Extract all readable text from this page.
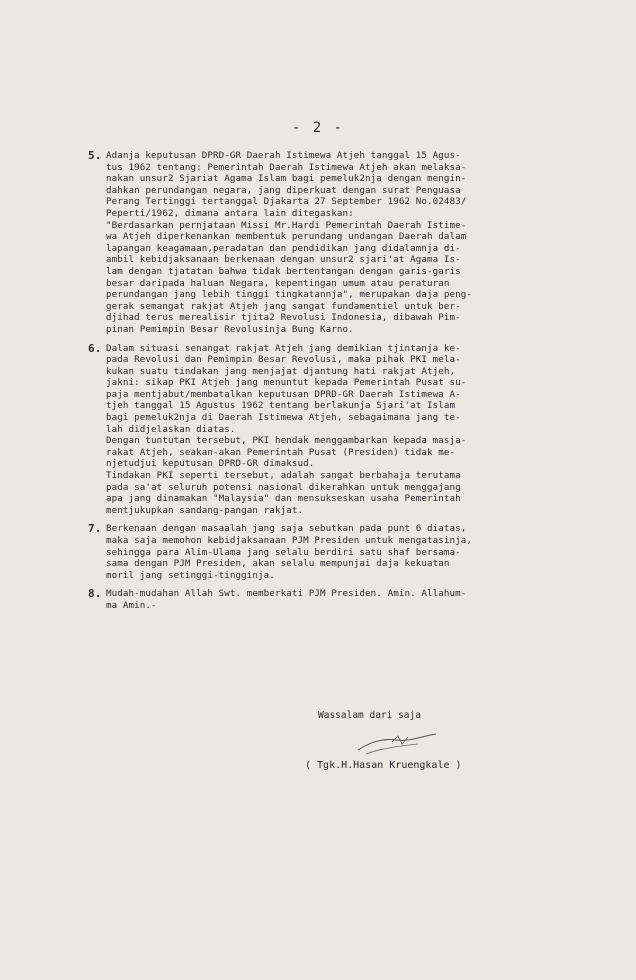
- 2 -
5. Adanja keputusan DPRD-GR Daerah Istimewa Atjeh tanggal 15 Agus-
tus 1962 tentang: Pemerintah Daerah Istimewa Atjeh akan melaksa-
nakan unsur2 Sjariat Agama Islam bagi pemeluk2nja dengan mengin-
dahkan perundangan negara, jang diperkuat dengan surat Penguasa
Perang Tertinggi tertanggal Djakarta 27 September 1962 No.02483/
Peperti/1962, dimana antara lain ditegaskan:
"Berdasarkan pernjataan Missi Mr.Hardi Pemerintah Daerah Istime-
wa Atjeh diperkenankan membentuk perundang undangan Daerah dalam
lapangan keagamaan,peradatan dan pendidikan jang didalamnja di-
ambil kebidjaksanaan berkenaan dengan unsur2 sjari'at Agama Is-
lam dengan tjatatan bahwa tidak bertentangan dengan garis-garis
besar daripada haluan Negara, kepentingan umum atau peraturan
perundangan jang lebih tinggi tingkatannja", merupakan daja peng-
gerak semangat rakjat Atjeh jang sangat fundamentiel untuk ber-
djihad terus merealisir tjita2 Revolusi Indonesia, dibawah Pim-
pinan Pemimpin Besar Revolusinja Bung Karno.
6. Dalam situasi senangat rakjat Atjeh jang demikian tjintanja ke-
pada Revolusi dan Pemimpin Besar Revolusi, maka pihak PKI mela-
kukan suatu tindakan jang menjajat djantung hati rakjat Atjeh,
jakni: sikap PKI Atjeh jang menuntut kepada Pemerintah Pusat su-
paja mentjabut/membatalkan keputusan DPRD-GR Daerah Istimewa A-
tjeh tanggal 15 Agustus 1962 tentang berlakunja Sjari'at Islam
bagi pemeluk2nja di Daerah Istimewa Atjeh, sebagaimana jang te-
lah didjelaskan diatas.
Dengan tuntutan tersebut, PKI hendak menggambarkan kepada masja-
rakat Atjeh, seakan-akan Pemerintah Pusat (Presiden) tidak me-
njetudjui keputusan DPRD-GR dimaksud.
Tindakan PKI seperti tersebut, adalah sangat berbahaja terutama
pada sa'at seluruh potensi nasional dikerahkan untuk menggajang
apa jang dinamakan "Malaysia" dan mensukseskan usaha Pemerintah
mentjukupkan sandang-pangan rakjat.
7. Berkenaan dengan masaalah jang saja sebutkan pada punt 6 diatas,
maka saja memohon kebidjaksanaan PJM Presiden untuk mengatasinja,
sehingga para Alim-Ulama jang selalu berdiri satu shaf bersama-
sama dengan PJM Presiden, akan selalu mempunjai daja kekuatan
moril jang setinggi-tingginja.
8. Mudah-mudahan Allah Swt. memberkati PJM Presiden. Amin. Allahum-
ma Amin.-
Wassalam dari saja
( Tgk.H.Hasan Kruengkale )
